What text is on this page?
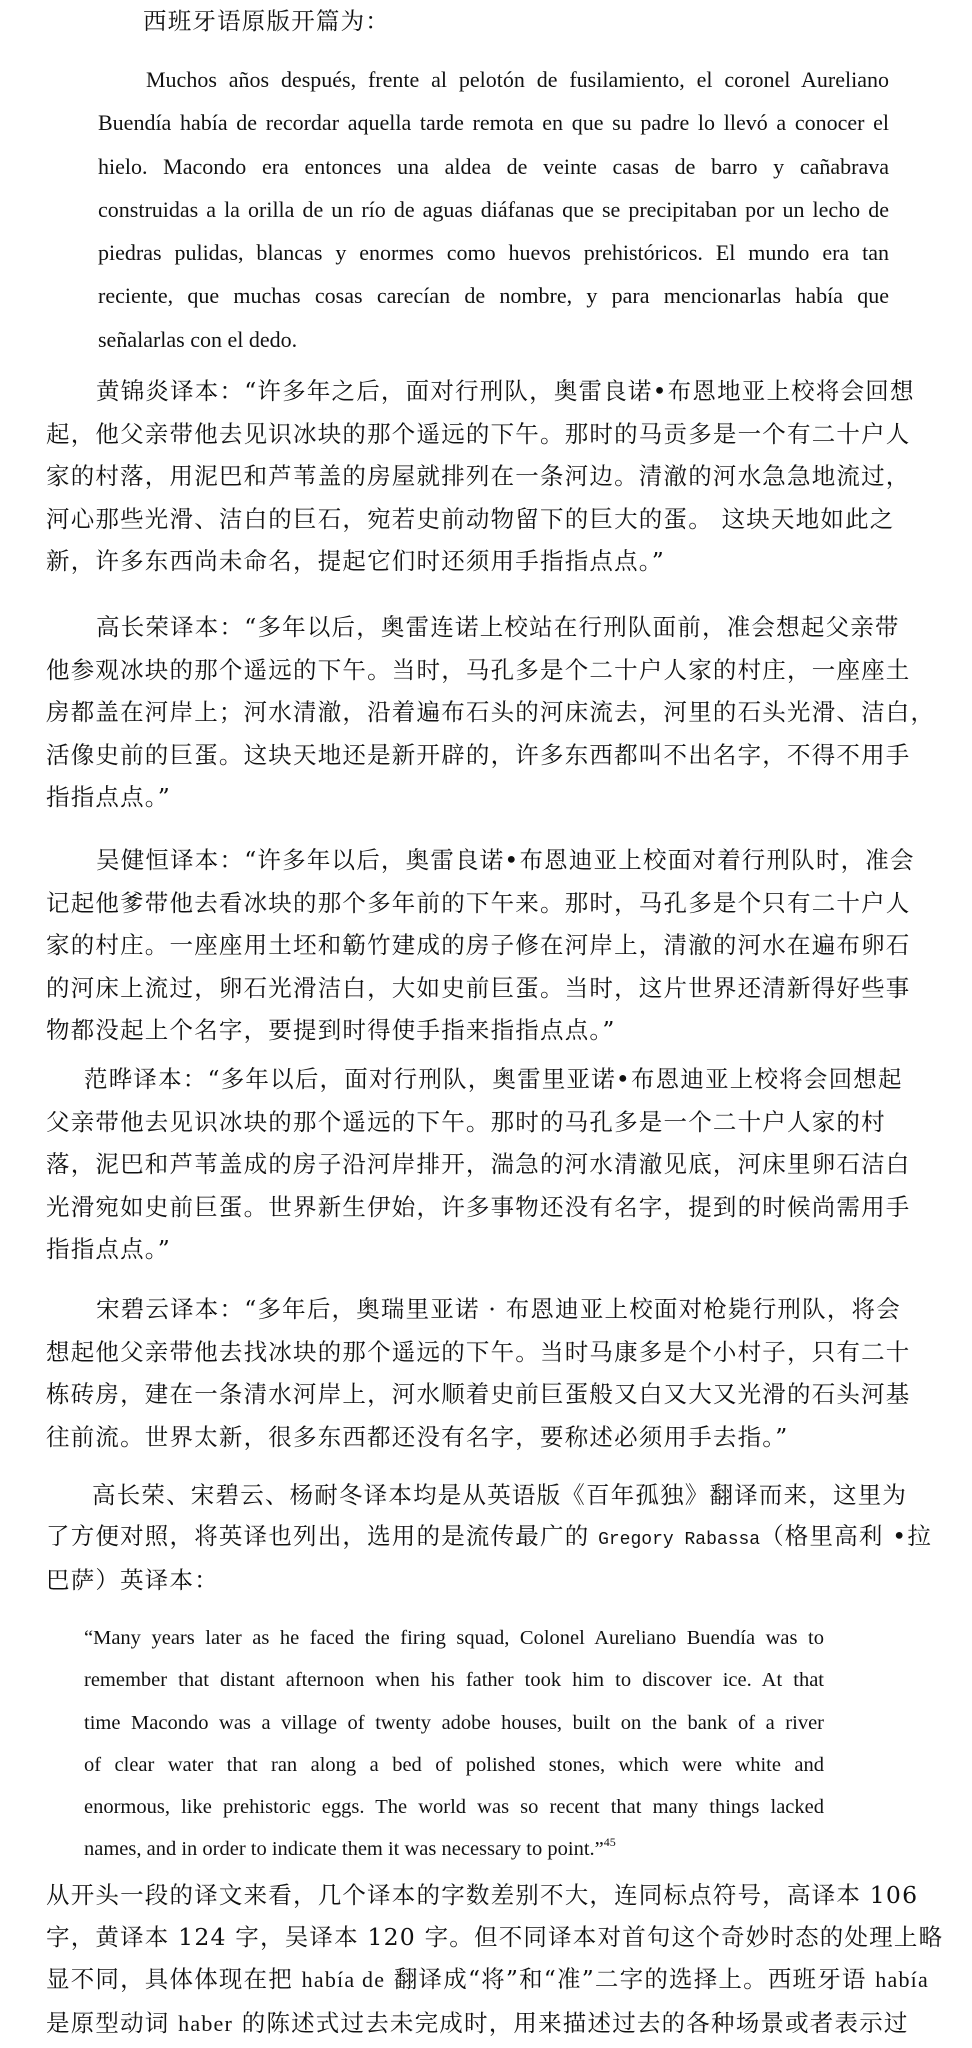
西班牙语原版开篇为：
Muchos años después, frente al pelotón de fusilamiento, el coronel Aureliano
Buendía había de recordar aquella tarde remota en que su padre lo llevó a conocer el
hielo. Macondo era entonces una aldea de veinte casas de barro y cañabrava
construidas a la orilla de un río de aguas diáfanas que se precipitaban por un lecho de
piedras pulidas, blancas y enormes como huevos prehistóricos. El mundo era tan
reciente, que muchas cosas carecían de nombre, y para mencionarlas había que
señalarlas con el dedo.
黄锦炎译本：“许多年之后，面对行刑队，奥雷良诺•布恩地亚上校将会回想
起，他父亲带他去见识冰块的那个遥远的下午。那时的马贡多是一个有二十户人
家的村落，用泥巴和芦苇盖的房屋就排列在一条河边。清澈的河水急急地流过，
河心那些光滑、洁白的巨石，宛若史前动物留下的巨大的蛋。 这块天地如此之
新，许多东西尚未命名，提起它们时还须用手指指点点。”
高长荣译本：“多年以后，奥雷连诺上校站在行刑队面前，准会想起父亲带
他参观冰块的那个遥远的下午。当时，马孔多是个二十户人家的村庄，一座座土
房都盖在河岸上；河水清澈，沿着遍布石头的河床流去，河里的石头光滑、洁白，
活像史前的巨蛋。这块天地还是新开辟的，许多东西都叫不出名字，不得不用手
指指点点。”
吴健恒译本：“许多年以后，奥雷良诺•布恩迪亚上校面对着行刑队时，准会
记起他爹带他去看冰块的那个多年前的下午来。那时，马孔多是个只有二十户人
家的村庄。一座座用土坯和簕竹建成的房子修在河岸上，清澈的河水在遍布卵石
的河床上流过，卵石光滑洁白，大如史前巨蛋。当时，这片世界还清新得好些事
物都没起上个名字，要提到时得使手指来指指点点。”
范晔译本：“多年以后，面对行刑队，奥雷里亚诺•布恩迪亚上校将会回想起
父亲带他去见识冰块的那个遥远的下午。那时的马孔多是一个二十户人家的村
落，泥巴和芦苇盖成的房子沿河岸排开，湍急的河水清澈见底，河床里卵石洁白
光滑宛如史前巨蛋。世界新生伊始，许多事物还没有名字，提到的时候尚需用手
指指点点。”
宋碧云译本：“多年后，奥瑞里亚诺 · 布恩迪亚上校面对枪毙行刑队，将会
想起他父亲带他去找冰块的那个遥远的下午。当时马康多是个小村子，只有二十
栋砖房，建在一条清水河岸上，河水顺着史前巨蛋般又白又大又光滑的石头河基
往前流。世界太新，很多东西都还没有名字，要称述必须用手去指。”
高长荣、宋碧云、杨耐冬译本均是从英语版《百年孤独》翻译而来，这里为
了方便对照，将英译也列出，选用的是流传最广的 Gregory Rabassa（格里高利 •拉
巴萨）英译本：
“Many years later as he faced the firing squad, Colonel Aureliano Buendía was to
remember that distant afternoon when his father took him to discover ice. At that
time Macondo was a village of twenty adobe houses, built on the bank of a river
of clear water that ran along a bed of polished stones, which were white and
enormous, like prehistoric eggs. The world was so recent that many things lacked
names, and in order to indicate them it was necessary to point.”$^{45}$
从开头一段的译文来看，几个译本的字数差别不大，连同标点符号，高译本 106
字，黄译本 124 字，吴译本 120 字。但不同译本对首句这个奇妙时态的处理上略
显不同，具体体现在把 había de 翻译成“将”和“准”二字的选择上。西班牙语 había
是原型动词 haber 的陈述式过去未完成时，用来描述过去的各种场景或者表示过
